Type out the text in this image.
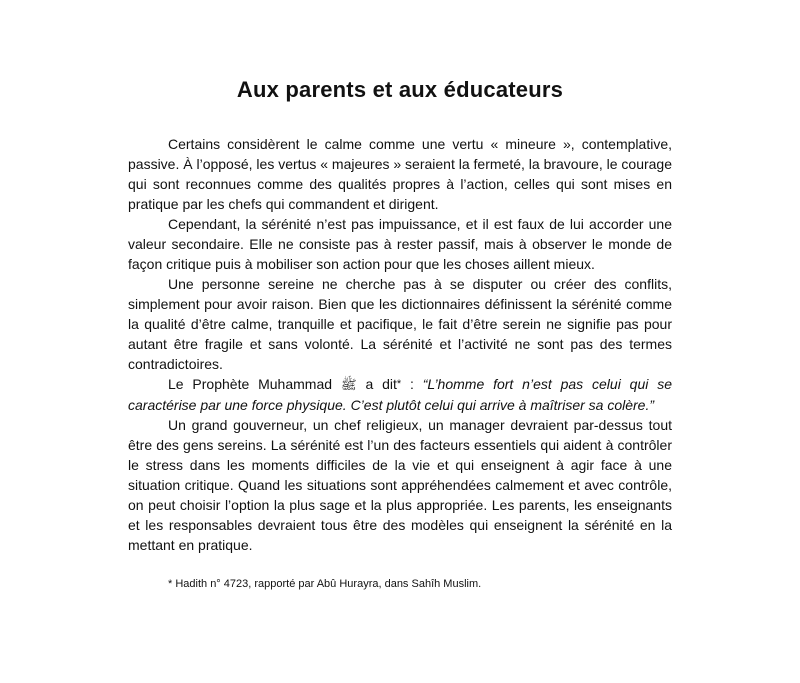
Aux parents et aux éducateurs

Certains considèrent le calme comme une vertu « mineure », contemplative, passive. À l’opposé, les vertus « majeures » seraient la fermeté, la bravoure, le courage qui sont reconnues comme des qualités propres à l’action, celles qui sont mises en pratique par les chefs qui commandent et dirigent.

Cependant, la sérénité n’est pas impuissance, et il est faux de lui accorder une valeur secondaire. Elle ne consiste pas à rester passif, mais à observer le monde de façon critique puis à mobiliser son action pour que les choses aillent mieux.

Une personne sereine ne cherche pas à se disputer ou créer des conflits, simplement pour avoir raison. Bien que les dictionnaires définissent la sérénité comme la qualité d’être calme, tranquille et pacifique, le fait d’être serein ne signifie pas pour autant être fragile et sans volonté. La sérénité et l’activité ne sont pas des termes contradictoires.

Le Prophète Muhammad ﷺ a dit* : “L’homme fort n’est pas celui qui se caractérise par une force physique. C’est plutôt celui qui arrive à maîtriser sa colère.”

Un grand gouverneur, un chef religieux, un manager devraient par-dessus tout être des gens sereins. La sérénité est l’un des facteurs essentiels qui aident à contrôler le stress dans les moments difficiles de la vie et qui enseignent à agir face à une situation critique. Quand les situations sont appréhendées calmement et avec contrôle, on peut choisir l’option la plus sage et la plus appropriée. Les parents, les enseignants et les responsables devraient tous être des modèles qui enseignent la sérénité en la mettant en pratique.

* Hadith n° 4723, rapporté par Abû Hurayra, dans Sahîh Muslim.
